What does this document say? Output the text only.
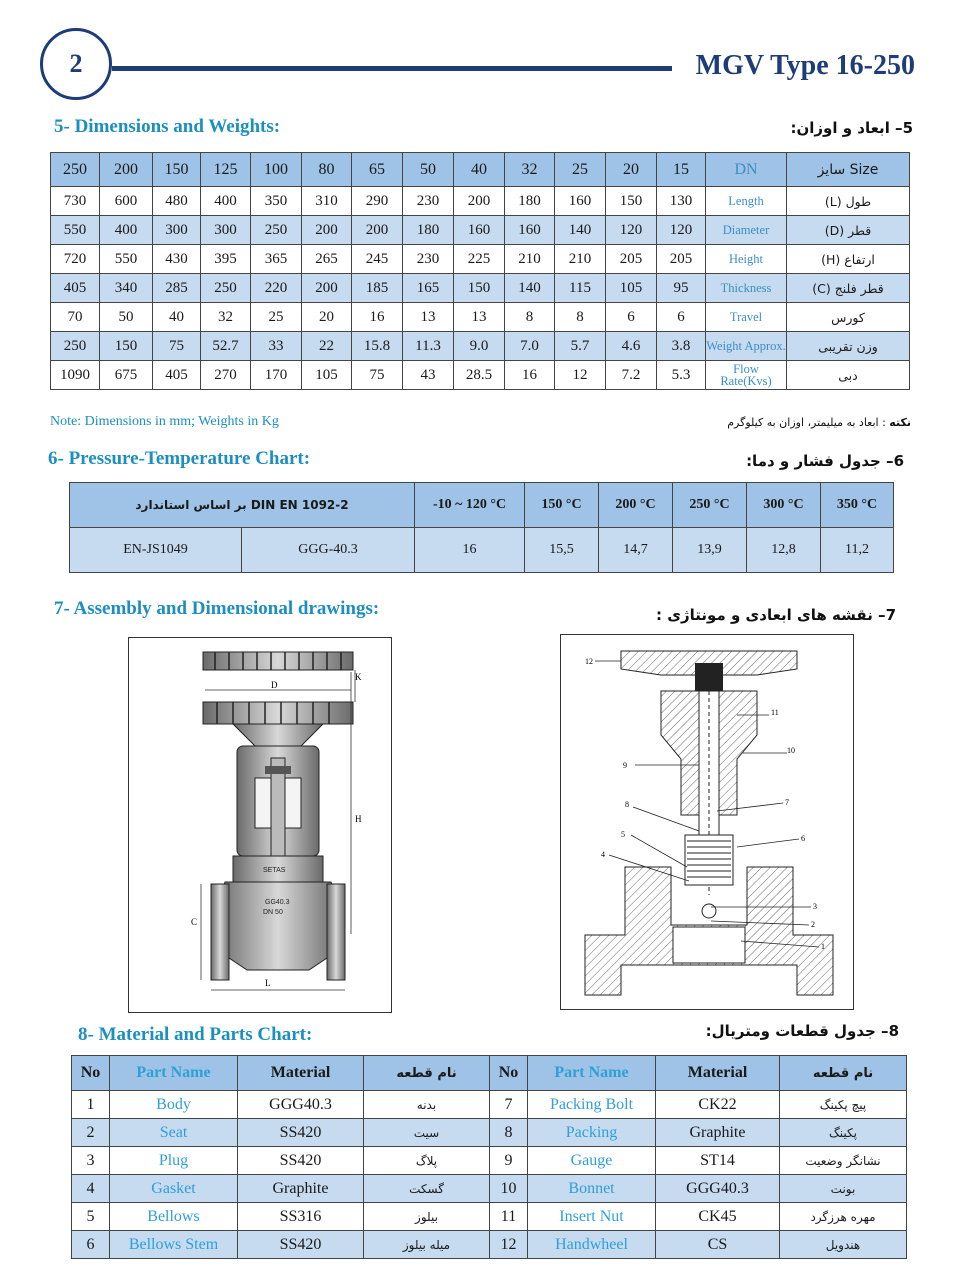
2	MGV Type 16-250
5- Dimensions and Weights:	5– ابعاد و اوزان:
250	200	150	125	100	80	65	50	40	32	25	20	15	DN	سایز Size
730	600	480	400	350	310	290	230	200	180	160	150	130	Length	طول (L)
550	400	300	300	250	200	200	180	160	160	140	120	120	Diameter	قطر (D)
720	550	430	395	365	265	245	230	225	210	210	205	205	Height	ارتفاع (H)
405	340	285	250	220	200	185	165	150	140	115	105	95	Thickness	قطر فلنج (C)
70	50	40	32	25	20	16	13	13	8	8	6	6	Travel	کورس
250	150	75	52.7	33	22	15.8	11.3	9.0	7.0	5.7	4.6	3.8	Weight Approx.	وزن تقریبی
1090	675	405	270	170	105	75	43	28.5	16	12	7.2	5.3	Flow Rate(Kvs)	دبی
Note: Dimensions in mm; Weights in Kg	نکته : ابعاد به میلیمتر، اوزان به کیلوگرم
6- Pressure-Temperature Chart:	6– جدول فشار و دما:
بر اساس استاندارد DIN EN 1092-2		-10 ~ 120 °C	150 °C	200 °C	250 °C	300 °C	350 °C
EN-JS1049	GGG-40.3	16	15,5	14,7	13,9	12,8	11,2
7- Assembly and Dimensional drawings:	7– نقشه های ابعادی و مونتاژی :
D
K
SETAS
GG40.3
DN 50
H
C
L
12
11
10
9
8	7
6
5
4
3
2
1
8- Material and Parts Chart:	8– جدول قطعات ومتریال:
No	Part Name	Material	نام قطعه	No	Part Name	Material	نام قطعه
1	Body	GGG40.3	بدنه	7	Packing Bolt	CK22	پیچ پکینگ
2	Seat	SS420	سیت	8	Packing	Graphite	پکینگ
3	Plug	SS420	پلاگ	9	Gauge	ST14	نشانگر وضعیت
4	Gasket	Graphite	گسکت	10	Bonnet	GGG40.3	بونت
5	Bellows	SS316	بیلوز	11	Insert Nut	CK45	مهره هرزگرد
6	Bellows Stem	SS420	میله بیلوز	12	Handwheel	CS	هندویل
